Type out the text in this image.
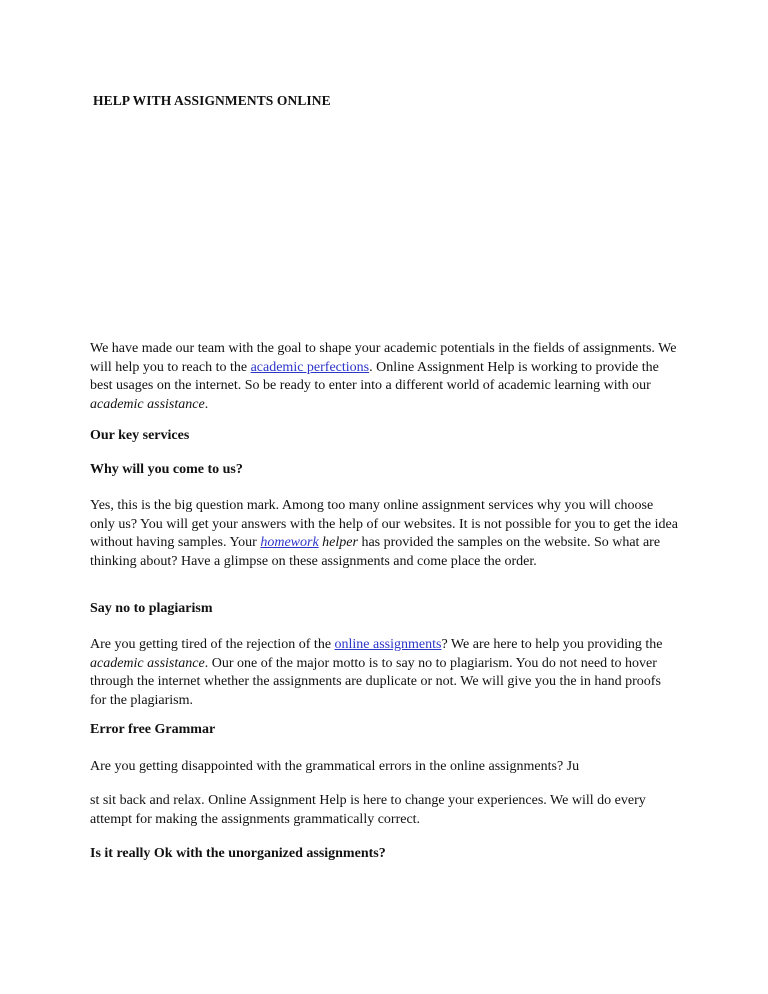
HELP WITH ASSIGNMENTS ONLINE

We have made our team with the goal to shape your academic potentials in the fields of assignments. We will help you to reach to the academic perfections. Online Assignment Help is working to provide the best usages on the internet. So be ready to enter into a different world of academic learning with our academic assistance.

Our key services
Why will you come to us?

Yes, this is the big question mark. Among too many online assignment services why you will choose only us? You will get your answers with the help of our websites. It is not possible for you to get the idea without having samples. Your homework helper has provided the samples on the website. So what are thinking about? Have a glimpse on these assignments and come place the order.

Say no to plagiarism

Are you getting tired of the rejection of the online assignments? We are here to help you providing the academic assistance. Our one of the major motto is to say no to plagiarism. You do not need to hover through the internet whether the assignments are duplicate or not. We will give you the in hand proofs for the plagiarism.

Error free Grammar

Are you getting disappointed with the grammatical errors in the online assignments? Ju

st sit back and relax. Online Assignment Help is here to change your experiences. We will do every attempt for making the assignments grammatically correct.

Is it really Ok with the unorganized assignments?
